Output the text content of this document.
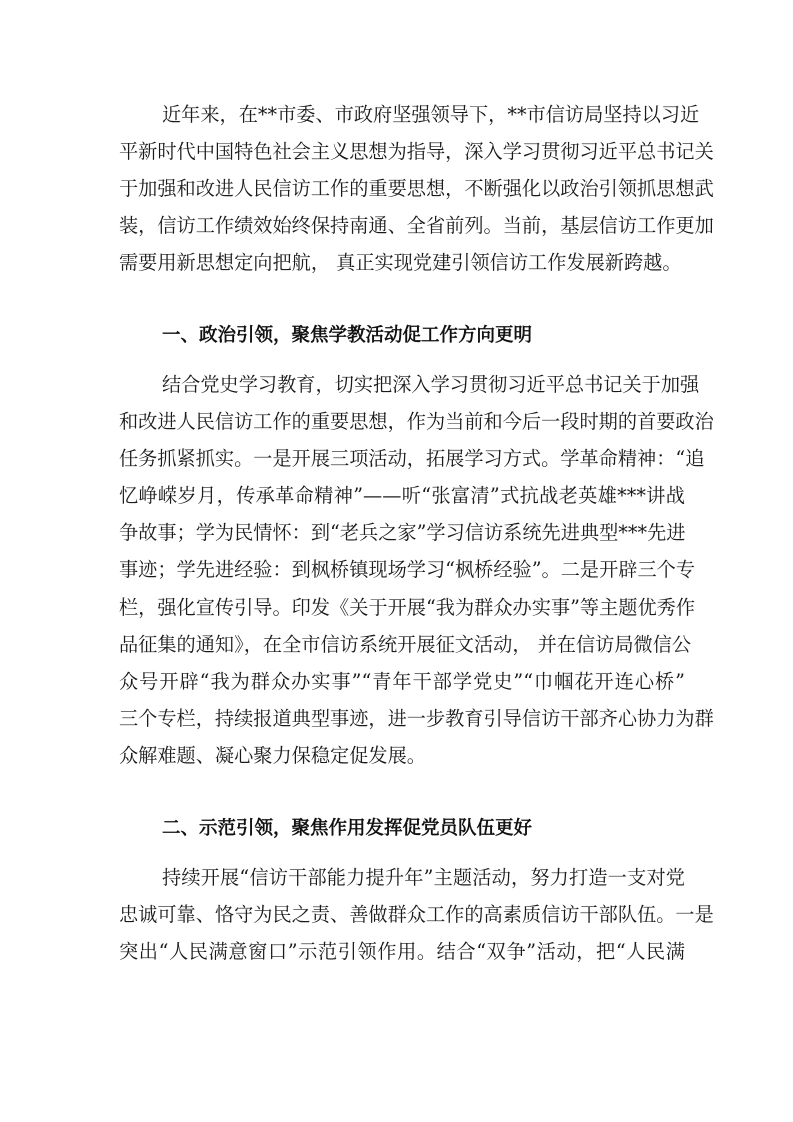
近年来，在**市委、市政府坚强领导下，**市信访局坚持以习近
平新时代中国特色社会主义思想为指导，深入学习贯彻习近平总书记关
于加强和改进人民信访工作的重要思想，不断强化以政治引领抓思想武
装，信访工作绩效始终保持南通、全省前列。当前，基层信访工作更加
需要用新思想定向把航， 真正实现党建引领信访工作发展新跨越。
一、政治引领，聚焦学教活动促工作方向更明
结合党史学习教育，切实把深入学习贯彻习近平总书记关于加强
和改进人民信访工作的重要思想，作为当前和今后一段时期的首要政治
任务抓紧抓实。一是开展三项活动，拓展学习方式。学革命精神：“追
忆峥嵘岁月，传承革命精神”——听“张富清”式抗战老英雄***讲战
争故事；学为民情怀：到“老兵之家”学习信访系统先进典型***先进
事迹；学先进经验：到枫桥镇现场学习“枫桥经验”。二是开辟三个专
栏，强化宣传引导。印发《关于开展“我为群众办实事”等主题优秀作
品征集的通知》，在全市信访系统开展征文活动， 并在信访局微信公
众号开辟“我为群众办实事”“青年干部学党史”“巾帼花开连心桥”
三个专栏，持续报道典型事迹，进一步教育引导信访干部齐心协力为群
众解难题、凝心聚力保稳定促发展。
二、示范引领，聚焦作用发挥促党员队伍更好
持续开展“信访干部能力提升年”主题活动，努力打造一支对党
忠诚可靠、恪守为民之责、善做群众工作的高素质信访干部队伍。一是
突出“人民满意窗口”示范引领作用。结合“双争”活动，把“人民满
